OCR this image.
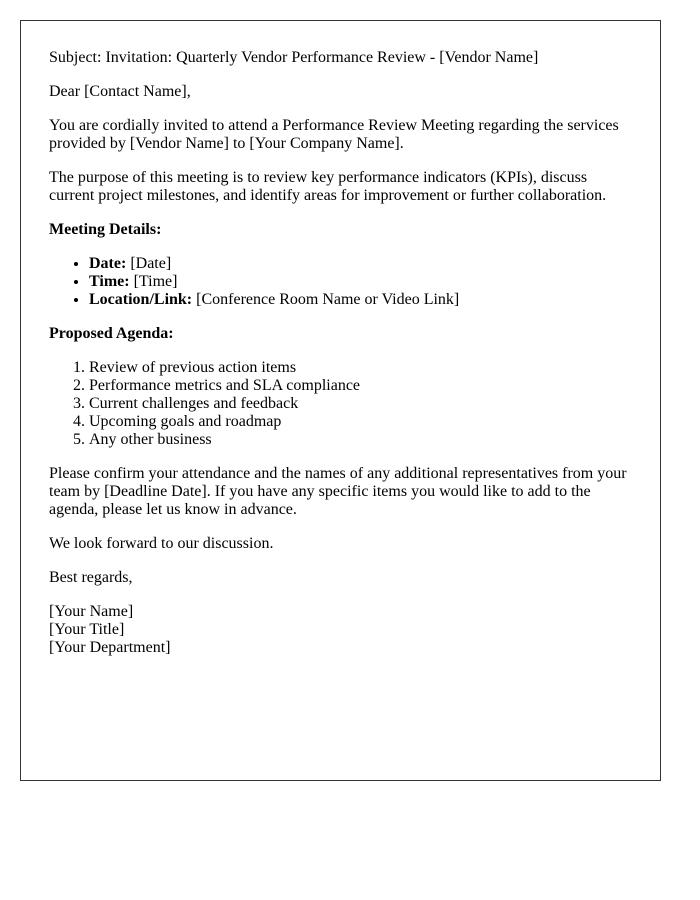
Subject: Invitation: Quarterly Vendor Performance Review - [Vendor Name]

Dear [Contact Name],

You are cordially invited to attend a Performance Review Meeting regarding the services provided by [Vendor Name] to [Your Company Name].

The purpose of this meeting is to review key performance indicators (KPIs), discuss current project milestones, and identify areas for improvement or further collaboration.

Meeting Details:

• Date: [Date]
• Time: [Time]
• Location/Link: [Conference Room Name or Video Link]

Proposed Agenda:

1. Review of previous action items
2. Performance metrics and SLA compliance
3. Current challenges and feedback
4. Upcoming goals and roadmap
5. Any other business

Please confirm your attendance and the names of any additional representatives from your team by [Deadline Date]. If you have any specific items you would like to add to the agenda, please let us know in advance.

We look forward to our discussion.

Best regards,

[Your Name]
[Your Title]
[Your Department]
